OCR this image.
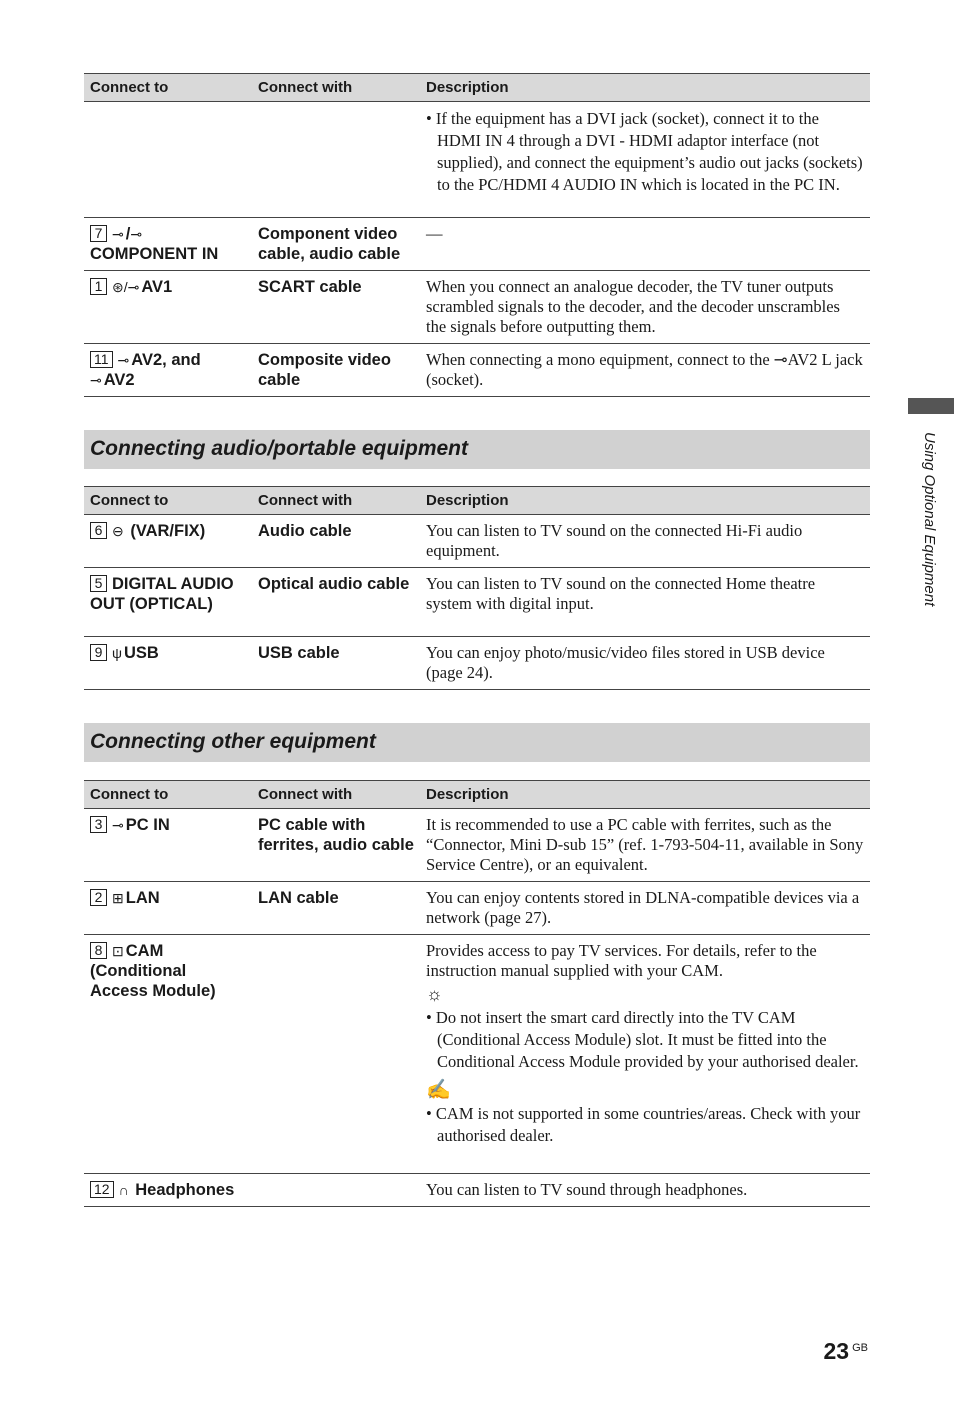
Connect to	Connect with	Description

		• If the equipment has a DVI jack (socket), connect it to the HDMI IN 4 through a DVI - HDMI adaptor interface (not supplied), and connect the equipment’s audio out jacks (sockets) to the PC/HDMI 4 AUDIO IN which is located in the PC IN.

7 ⊸ /⊸
COMPONENT IN	Component video cable, audio cable	—
1 ⊛/⊸ AV1	SCART cable	When you connect an analogue decoder, the TV tuner outputs scrambled signals to the decoder, and the decoder unscrambles the signals before outputting them.
11 ⊸ AV2, and
⊸ AV2	Composite video cable	When connecting a mono equipment, connect to the ⊸AV2 L jack (socket).
Connecting audio/portable equipment
Connect to	Connect with	Description
6 ⊖ (VAR/FIX)	Audio cable	You can listen to TV sound on the connected Hi-Fi audio equipment.
5 DIGITAL AUDIO OUT (OPTICAL)	Optical audio cable	You can listen to TV sound on the connected Home theatre system with digital input.
9 ψ USB	USB cable	You can enjoy photo/music/video files stored in USB device (page 24).
Connecting other equipment
Connect to	Connect with	Description
3 ⊸ PC IN	PC cable with ferrites, audio cable	It is recommended to use a PC cable with ferrites, such as the “Connector, Mini D-sub 15” (ref. 1-793-504-11, available in Sony Service Centre), or an equivalent.
2 ⊞ LAN	LAN cable	You can enjoy contents stored in DLNA-compatible devices via a network (page 27).
8 ⊡ CAM (Conditional Access Module)		Provides access to pay TV services. For details, refer to the instruction manual supplied with your CAM.

☼

• Do not insert the smart card directly into the TV CAM (Conditional Access Module) slot. It must be fitted into the Conditional Access Module provided by your authorised dealer.

✍

• CAM is not supported in some countries/areas. Check with your authorised dealer.

12 ∩ Headphones		You can listen to TV sound through headphones.
Using Optional Equipment
23 $^{GB}$
